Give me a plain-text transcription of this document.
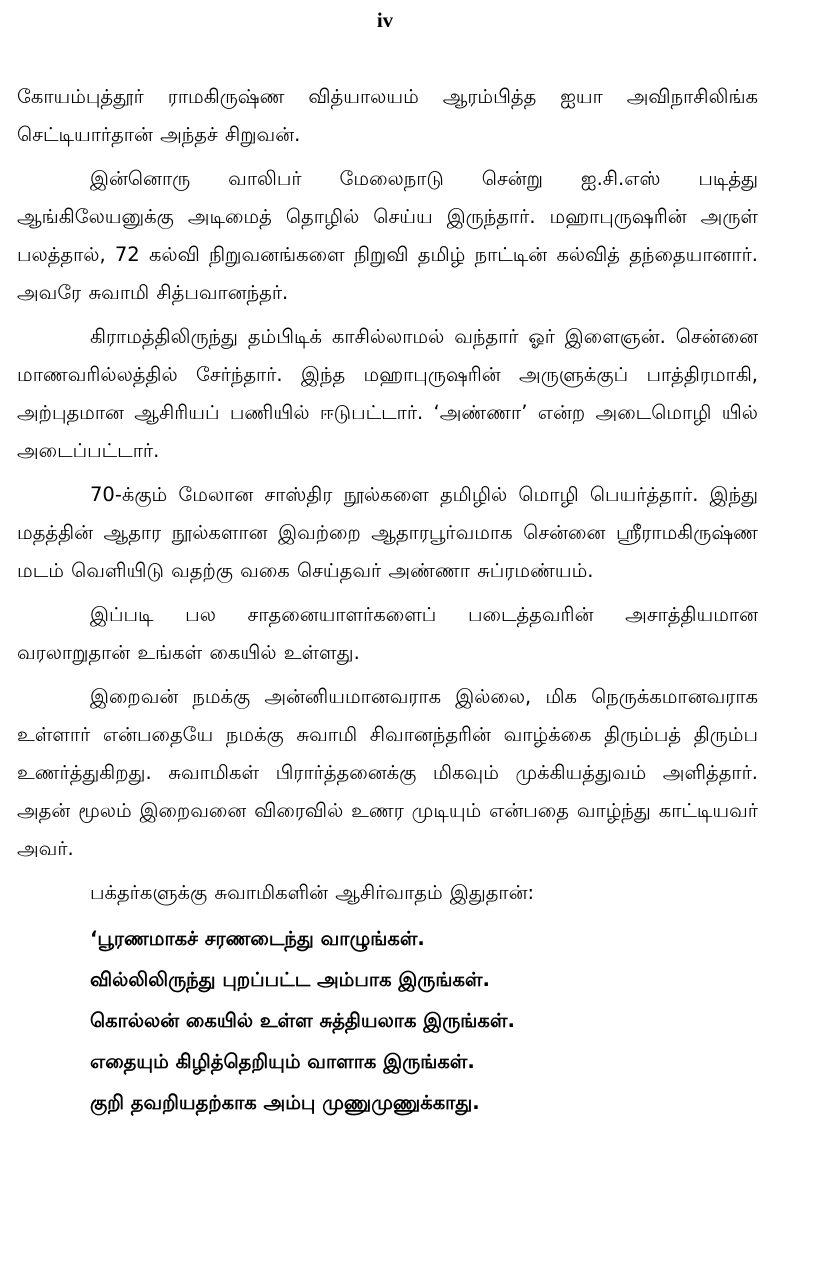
iv

கோயம்புத்தூர் ராமகிருஷ்ண வித்யாலயம் ஆரம்பித்த ஐயா அவிநாசிலிங்க செட்டியார்தான் அந்தச் சிறுவன்.

இன்னொரு வாலிபர் மேலைநாடு சென்று ஐ.சி.எஸ் படித்து ஆங்கிலேயனுக்கு அடிமைத் தொழில் செய்ய இருந்தார். மஹாபுருஷரின் அருள் பலத்தால், 72 கல்வி நிறுவனங்களை நிறுவி தமிழ் நாட்டின் கல்வித் தந்தையானார். அவரே சுவாமி சித்பவானந்தர்.

கிராமத்திலிருந்து தம்பிடிக் காசில்லாமல் வந்தார் ஓர் இளைஞன். சென்னை மாணவரில்லத்தில் சேர்ந்தார். இந்த மஹாபுருஷரின் அருளுக்குப் பாத்திரமாகி, அற்புதமான ஆசிரியப் பணியில் ஈடுபட்டார். ‘அண்ணா’ என்ற அடைமொழி யில் அடைப்பட்டார்.

70-க்கும் மேலான சாஸ்திர நூல்களை தமிழில் மொழி பெயர்த்தார். இந்து மதத்தின் ஆதார நூல்களான இவற்றை ஆதாரபூர்வமாக சென்னை ஸ்ரீராமகிருஷ்ண மடம் வெளியிடு வதற்கு வகை செய்தவர் அண்ணா சுப்ரமண்யம்.

இப்படி பல சாதனையாளர்களைப் படைத்தவரின் அசாத்தியமான வரலாறுதான் உங்கள் கையில் உள்ளது.

இறைவன் நமக்கு அன்னியமானவராக இல்லை, மிக நெருக்கமானவராக உள்ளார் என்பதையே நமக்கு சுவாமி சிவானந்தரின் வாழ்க்கை திரும்பத் திரும்ப உணர்த்துகிறது. சுவாமிகள் பிரார்த்தனைக்கு மிகவும் முக்கியத்துவம் அளித்தார். அதன் மூலம் இறைவனை விரைவில் உணர முடியும் என்பதை வாழ்ந்து காட்டியவர் அவர்.

பக்தர்களுக்கு சுவாமிகளின் ஆசிர்வாதம் இதுதான்:

‘பூரணமாகச் சரணடைந்து வாழுங்கள்.

வில்லிலிருந்து புறப்பட்ட அம்பாக இருங்கள்.

கொல்லன் கையில் உள்ள சுத்தியலாக இருங்கள்.

எதையும் கிழித்தெறியும் வாளாக இருங்கள்.

குறி தவறியதற்காக அம்பு முணுமுணுக்காது.
